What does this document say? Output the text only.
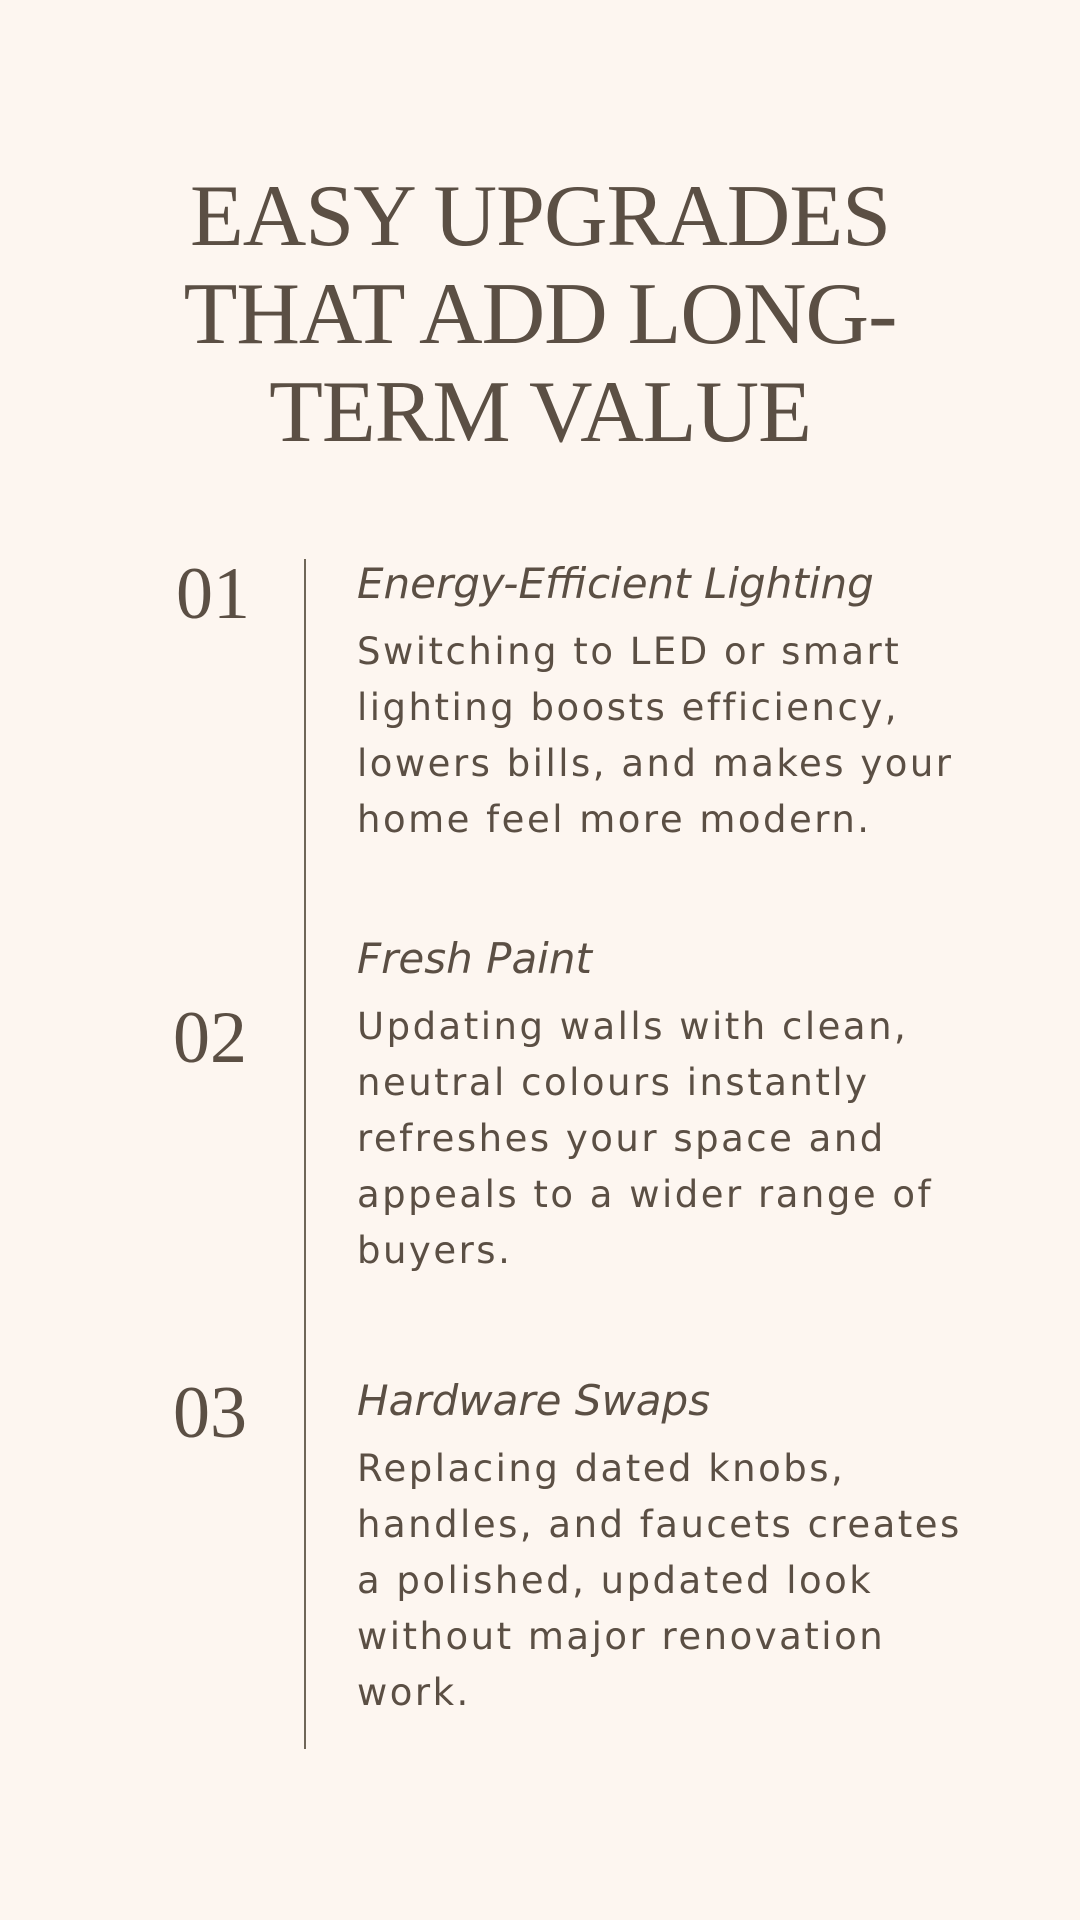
EASY UPGRADES
THAT ADD LONG-
TERM VALUE
01	Energy-Efficient Lighting

Switching to LED or smart
lighting boosts efficiency,
lowers bills, and makes your
home feel more modern.

02
Fresh Paint

Updating walls with clean,
neutral colours instantly
refreshes your space and
appeals to a wider range of
buyers.

03	Hardware Swaps

Replacing dated knobs,
handles, and faucets creates
a polished, updated look
without major renovation
work.
